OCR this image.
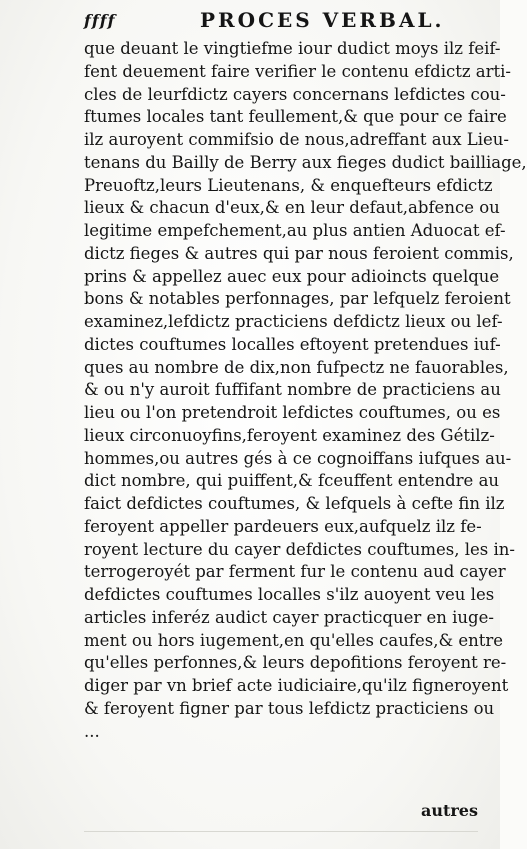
ffff	PROCES VERBAL.
que deuant le vingtiefme iour dudict moys ilz feif-
fent deuement faire verifier le contenu efdictz arti-
cles de leurfdictz cayers concernans lefdictes cou-
ftumes locales tant feullement,& que pour ce faire
ilz auroyent commifsio de nous,adreffant aux Lieu-
tenans du Bailly de Berry aux fieges dudict bailliage,
Preuoftz,leurs Lieutenans, & enquefteurs efdictz
lieux & chacun d'eux,& en leur defaut,abfence ou
legitime empefchement,au plus antien Aduocat ef-
dictz fieges & autres qui par nous feroient commis,
prins & appellez auec eux pour adioincts quelque
bons & notables perfonnages, par lefquelz feroient
examinez,lefdictz practiciens defdictz lieux ou lef-
dictes couftumes localles eftoyent pretendues iuf-
ques au nombre de dix,non fufpectz ne fauorables,
& ou n'y auroit fuffifant nombre de practiciens au
lieu ou l'on pretendroit lefdictes couftumes, ou es
lieux circonuoyfins,feroyent examinez des Gétilz-
hommes,ou autres gés à ce cognoiffans iufques au-
dict nombre, qui puiffent,& fceuffent entendre au
faict defdictes couftumes, & lefquels à cefte fin ilz
feroyent appeller pardeuers eux,aufquelz ilz fe-
royent lecture du cayer defdictes couftumes, les in-
terrogeroyét par ferment fur le contenu aud cayer
defdictes couftumes localles s'ilz auoyent veu les
articles inferéz audict cayer practicquer en iuge-
ment ou hors iugement,en qu'elles caufes,& entre
qu'elles perfonnes,& leurs depofitions feroyent re-
diger par vn brief acte iudiciaire,qu'ilz figneroyent
& feroyent figner par tous lefdictz practiciens ou
...
autres
